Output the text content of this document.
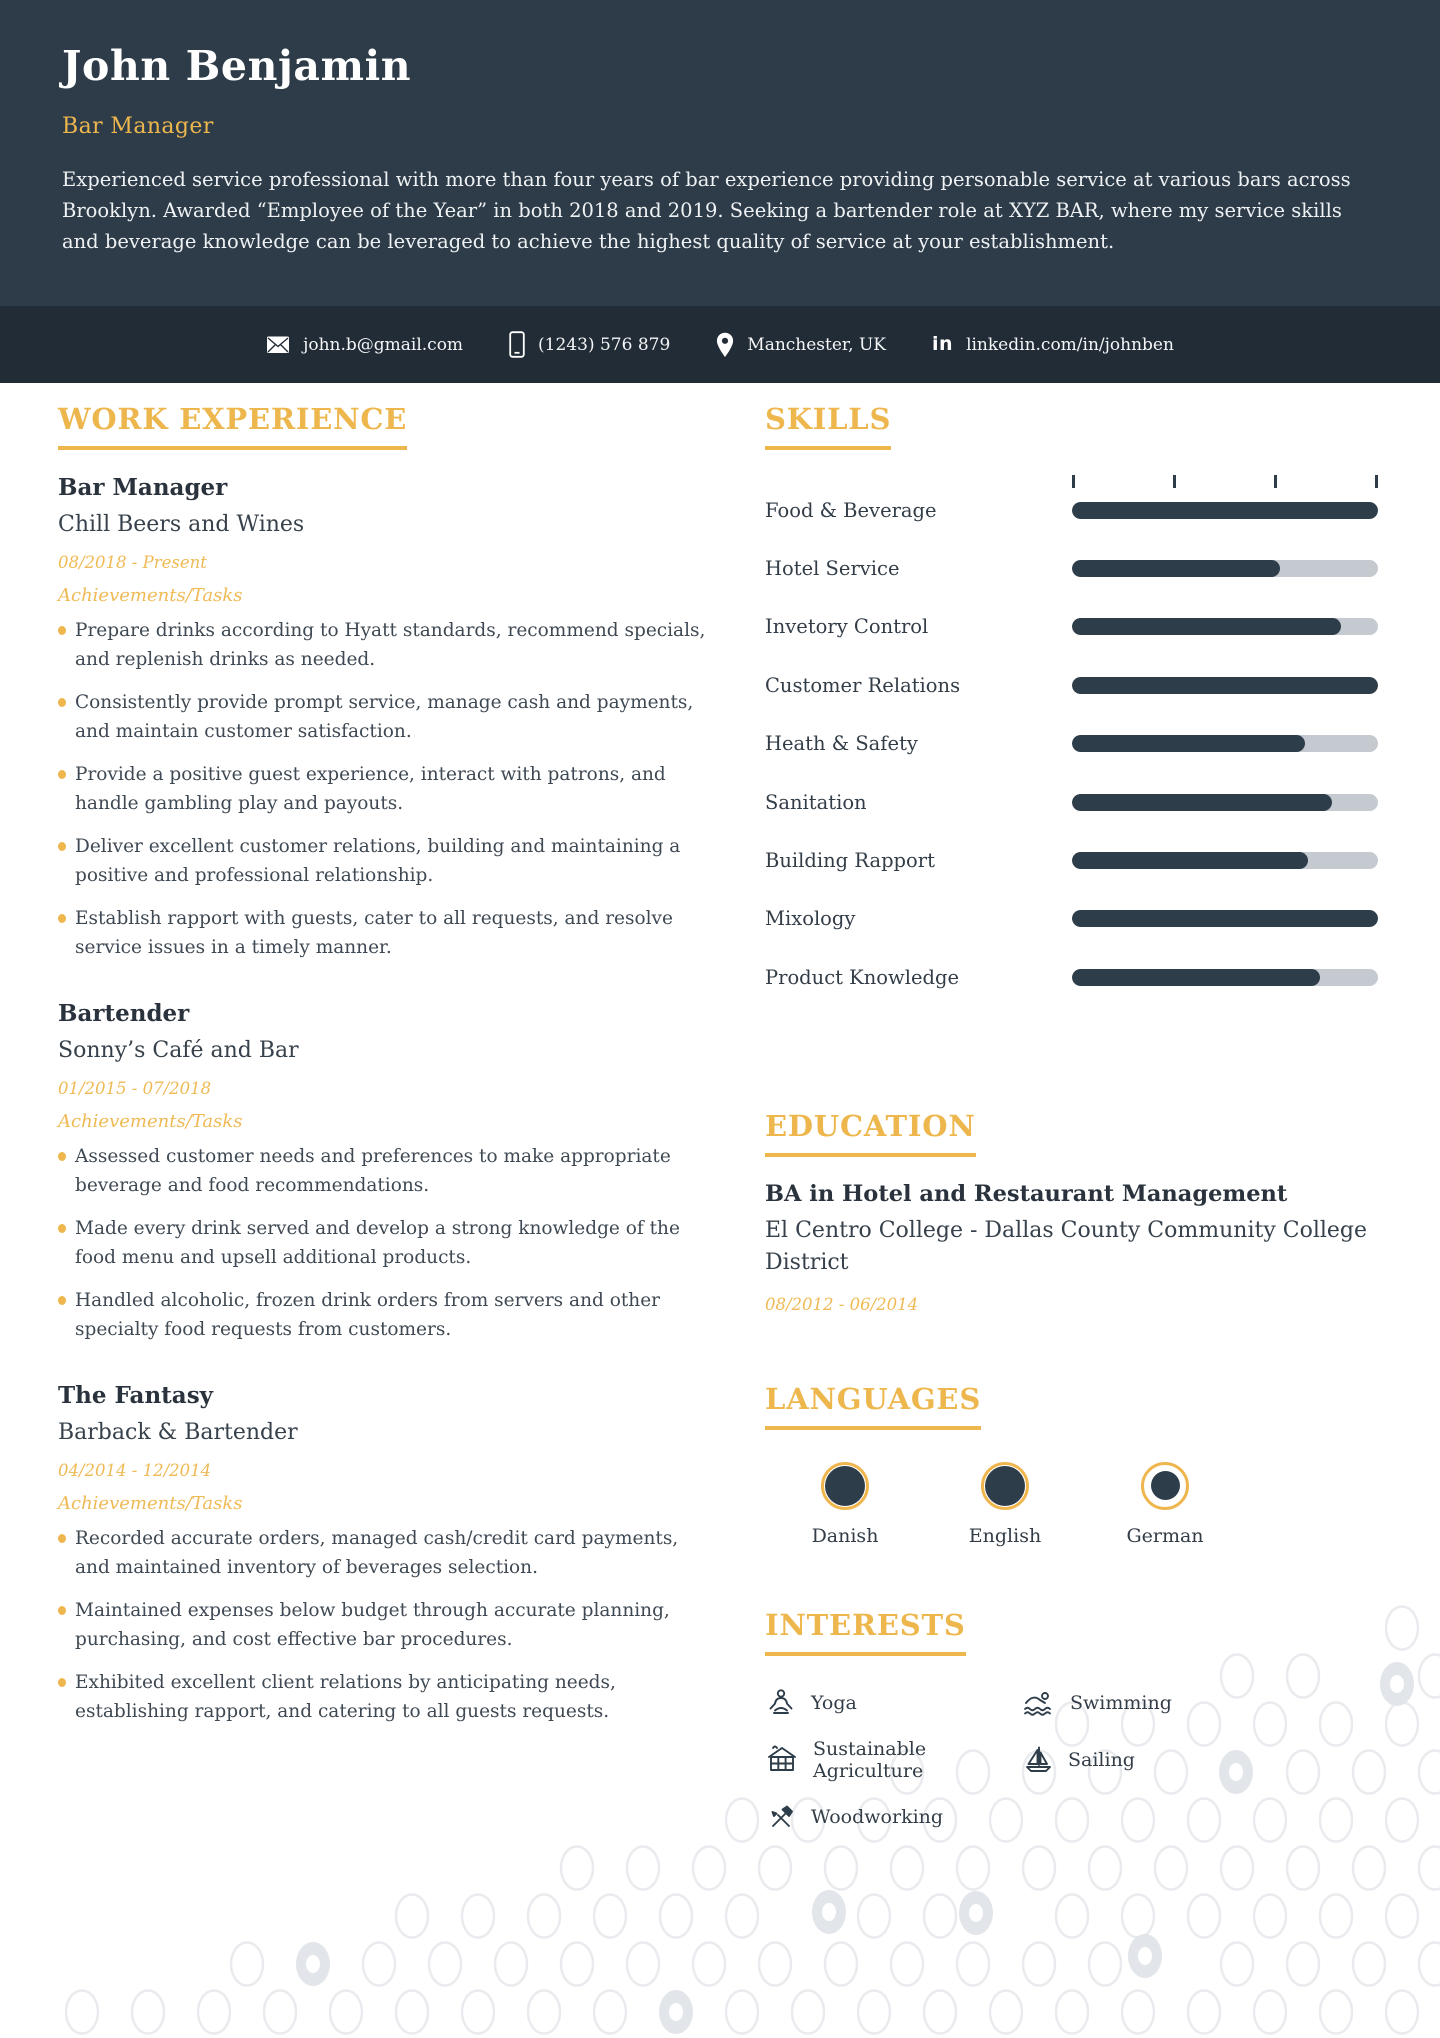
John Benjamin
Bar Manager
Experienced service professional with more than four years of bar experience providing personable service at various bars across Brooklyn. Awarded “Employee of the Year” in both 2018 and 2019. Seeking a bartender role at XYZ BAR, where my service skills and beverage knowledge can be leveraged to achieve the highest quality of service at your establishment.
john.b@gmail.com	(1243) 576 879	Manchester, UK in linkedin.com/in/johnben
WORK EXPERIENCE
Bar Manager
Chill Beers and Wines
08/2018 - Present
Achievements/Tasks
Prepare drinks according to Hyatt standards, recommend specials, and replenish drinks as needed.
Consistently provide prompt service, manage cash and payments, and maintain customer satisfaction.
Provide a positive guest experience, interact with patrons, and handle gambling play and payouts.
Deliver excellent customer relations, building and maintaining a positive and professional relationship.
Establish rapport with guests, cater to all requests, and resolve service issues in a timely manner.
Bartender
Sonny’s Café and Bar
01/2015 - 07/2018
Achievements/Tasks
Assessed customer needs and preferences to make appropriate beverage and food recommendations.
Made every drink served and develop a strong knowledge of the food menu and upsell additional products.
Handled alcoholic, frozen drink orders from servers and other specialty food requests from customers.
The Fantasy
Barback & Bartender
04/2014 - 12/2014
Achievements/Tasks
Recorded accurate orders, managed cash/credit card payments, and maintained inventory of beverages selection.
Maintained expenses below budget through accurate planning, purchasing, and cost effective bar procedures.
Exhibited excellent client relations by anticipating needs, establishing rapport, and catering to all guests requests.
SKILLS
Food & Beverage
Hotel Service
Invetory Control
Customer Relations
Heath & Safety
Sanitation
Building Rapport
Mixology
Product Knowledge
EDUCATION
BA in Hotel and Restaurant Management
El Centro College - Dallas County Community College District
08/2012 - 06/2014
LANGUAGES
Danish	English	German
INTERESTS
Yoga	Swimming
Sustainable Agriculture	Sailing
Woodworking
